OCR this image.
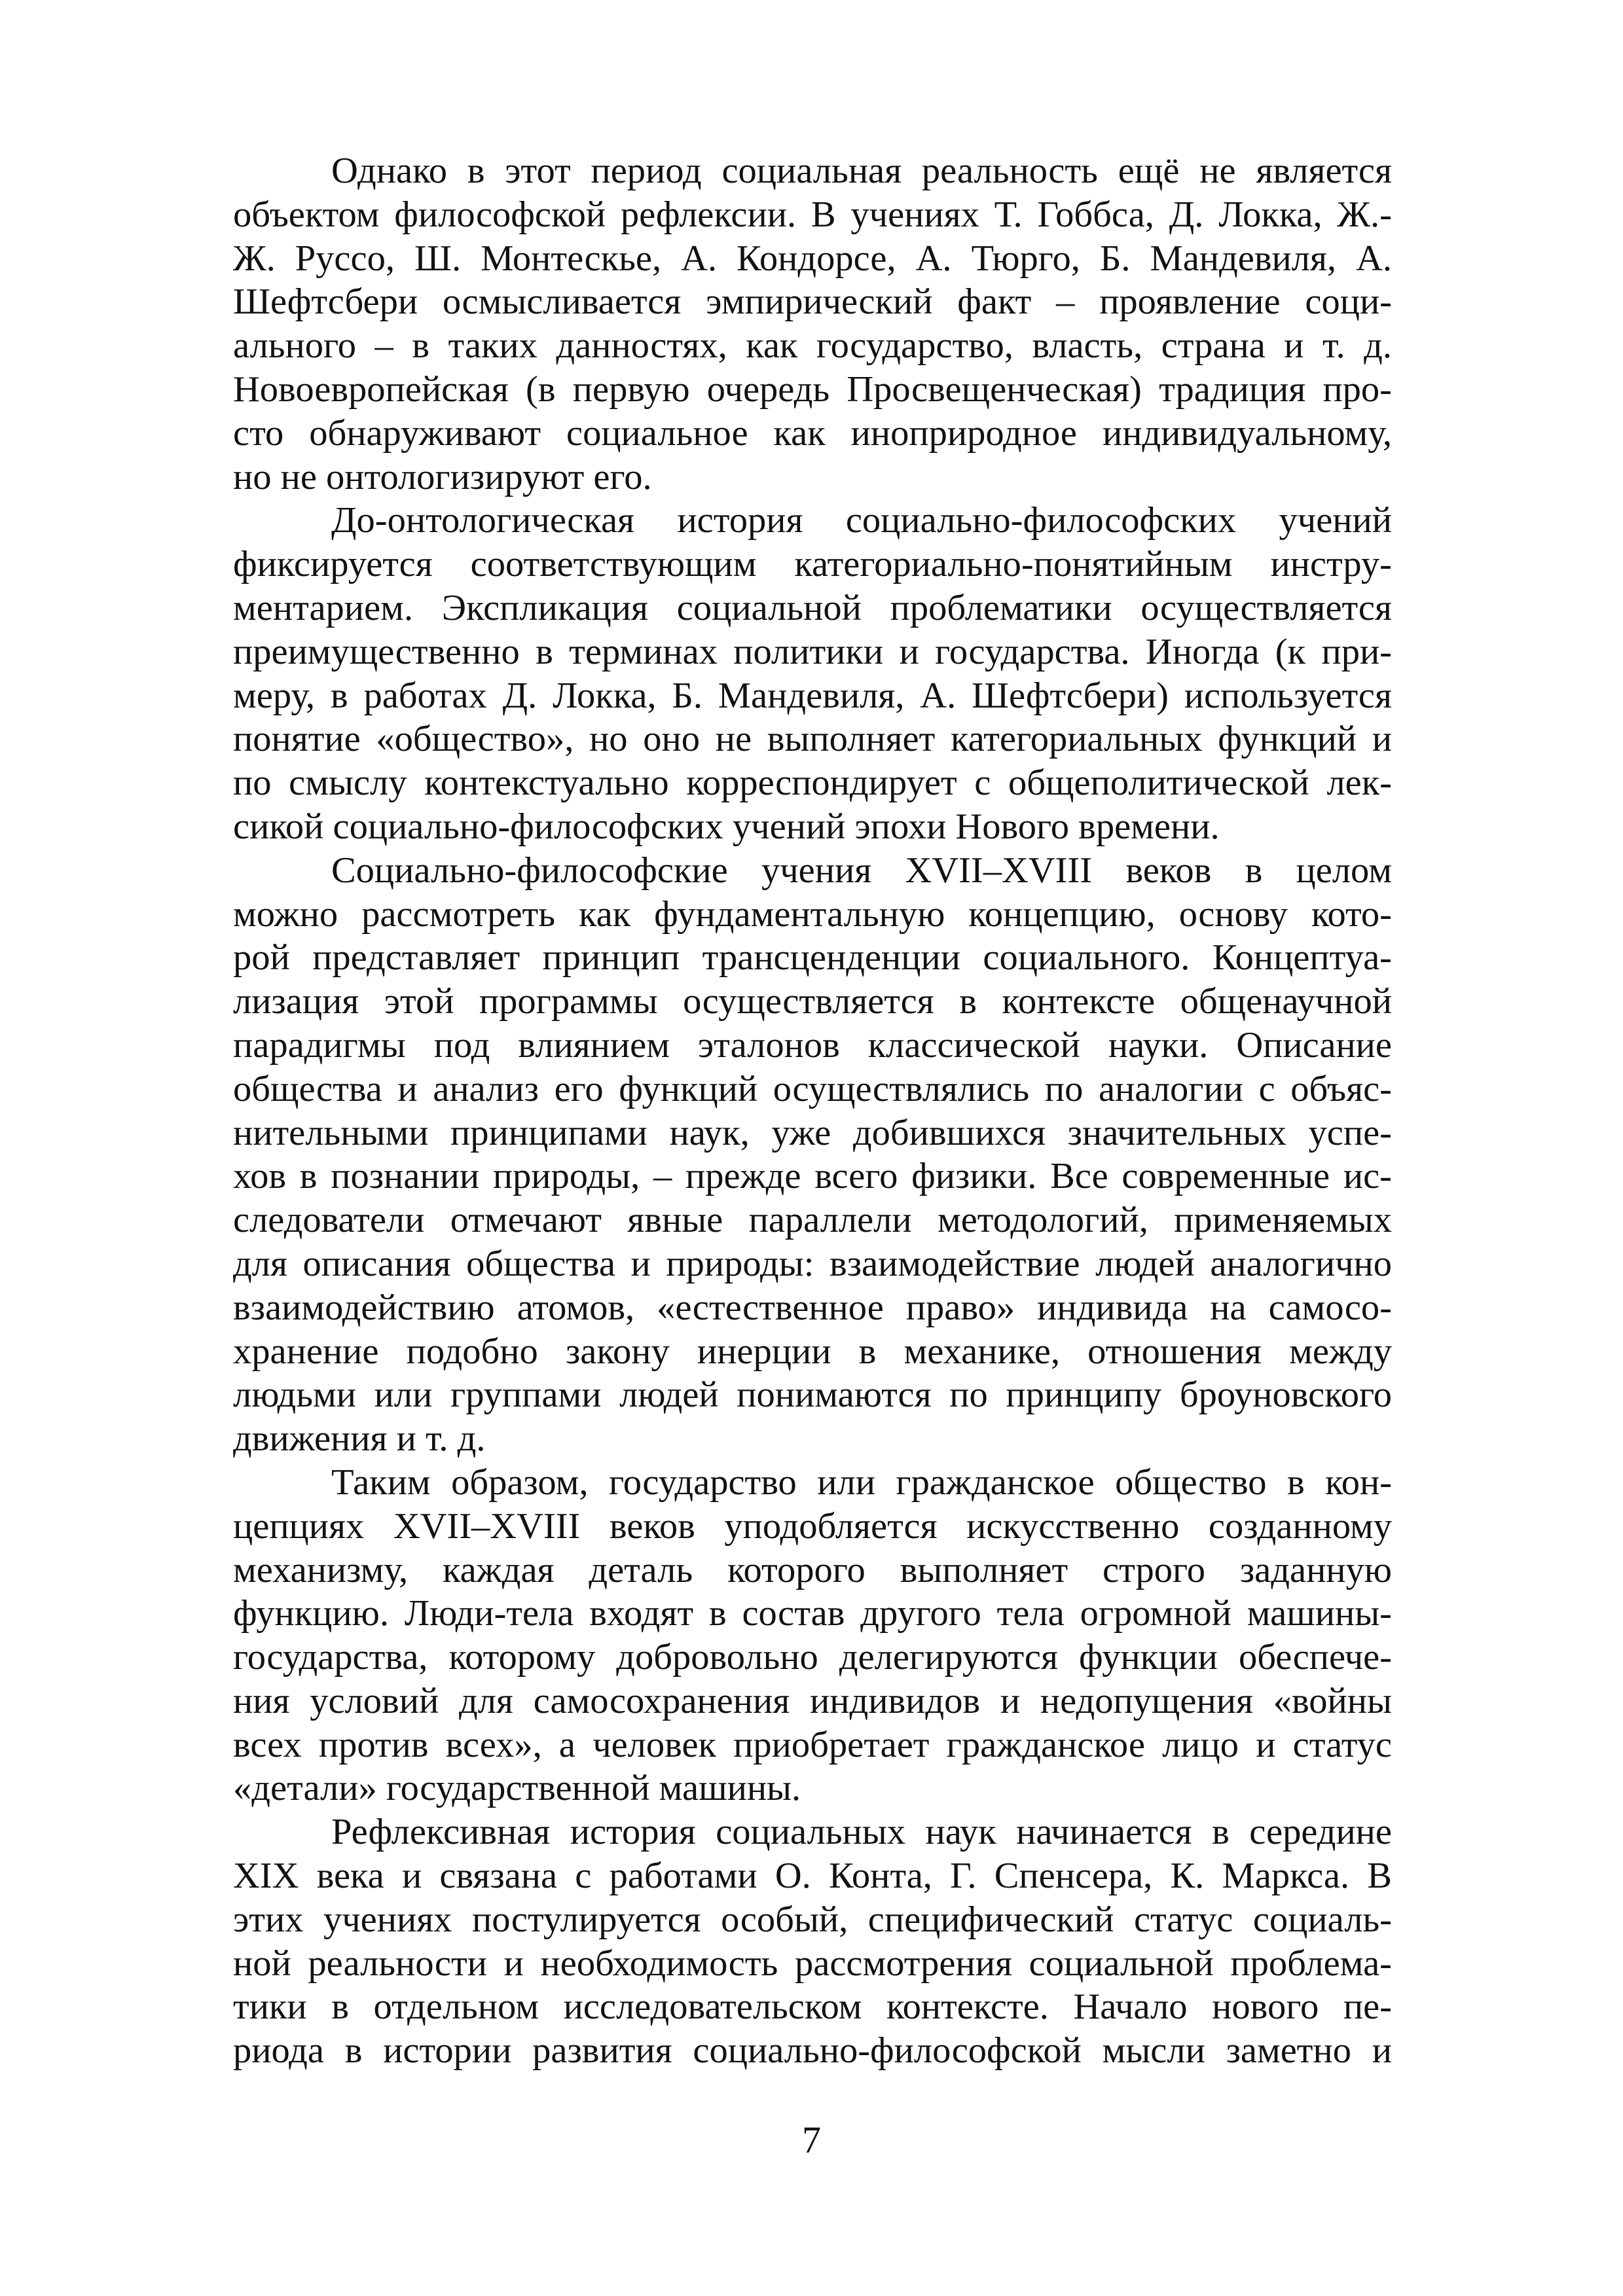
Однако в этот период социальная реальность ещё не является
объектом философской рефлексии. В учениях Т. Гоббса, Д. Локка, Ж.-
Ж. Руссо, Ш. Монтескье, А. Кондорсе, А. Тюрго, Б. Мандевиля, А.
Шефтсбери осмысливается эмпирический факт – проявление соци-
ального – в таких данностях, как государство, власть, страна и т. д.
Новоевропейская (в первую очередь Просвещенческая) традиция про-
сто обнаруживают социальное как иноприродное индивидуальному,
но не онтологизируют его.

До-онтологическая история социально-философских учений
фиксируется соответствующим категориально-понятийным инстру-
ментарием. Экспликация социальной проблематики осуществляется
преимущественно в терминах политики и государства. Иногда (к при-
меру, в работах Д. Локка, Б. Мандевиля, А. Шефтсбери) используется
понятие «общество», но оно не выполняет категориальных функций и
по смыслу контекстуально корреспондирует с общеполитической лек-
сикой социально-философских учений эпохи Нового времени.

Социально-философские учения XVII–XVIII веков в целом
можно рассмотреть как фундаментальную концепцию, основу кото-
рой представляет принцип трансценденции социального. Концептуа-
лизация этой программы осуществляется в контексте общенаучной
парадигмы под влиянием эталонов классической науки. Описание
общества и анализ его функций осуществлялись по аналогии с объяс-
нительными принципами наук, уже добившихся значительных успе-
хов в познании природы, – прежде всего физики. Все современные ис-
следователи отмечают явные параллели методологий, применяемых
для описания общества и природы: взаимодействие людей аналогично
взаимодействию атомов, «естественное право» индивида на самосо-
хранение подобно закону инерции в механике, отношения между
людьми или группами людей понимаются по принципу броуновского
движения и т. д.

Таким образом, государство или гражданское общество в кон-
цепциях XVII–XVIII веков уподобляется искусственно созданному
механизму, каждая деталь которого выполняет строго заданную
функцию. Люди-тела входят в состав другого тела огромной машины-
государства, которому добровольно делегируются функции обеспече-
ния условий для самосохранения индивидов и недопущения «войны
всех против всех», а человек приобретает гражданское лицо и статус
«детали» государственной машины.

Рефлексивная история социальных наук начинается в середине
XIX века и связана с работами О. Конта, Г. Спенсера, К. Маркса. В
этих учениях постулируется особый, специфический статус социаль-
ной реальности и необходимость рассмотрения социальной проблема-
тики в отдельном исследовательском контексте. Начало нового пе-
риода в истории развития социально-философской мысли заметно и

7
